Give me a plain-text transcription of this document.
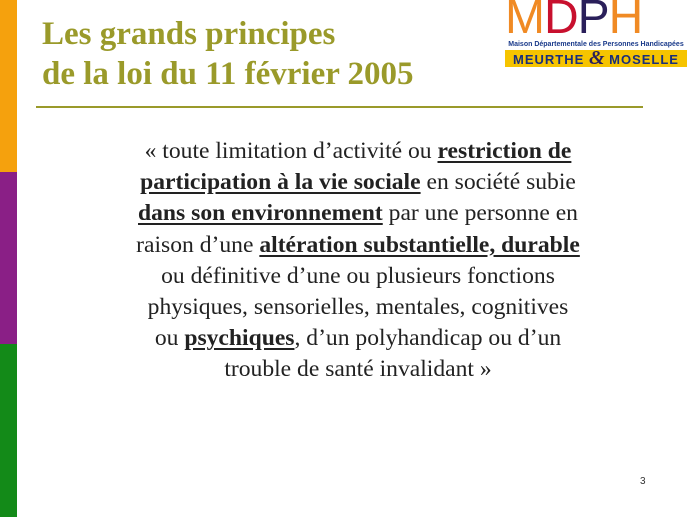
Les grands principes
de la loi du 11 février 2005
MDPH
Maison Départementale des Personnes Handicapées
MEURTHE & MOSELLE

« toute limitation d’activité ou restriction de
participation à la vie sociale en société subie
dans son environnement par une personne en
raison d’une altération substantielle, durable
ou définitive d’une ou plusieurs fonctions
physiques, sensorielles, mentales, cognitives
ou psychiques, d’un polyhandicap ou d’un
trouble de santé invalidant »

3
